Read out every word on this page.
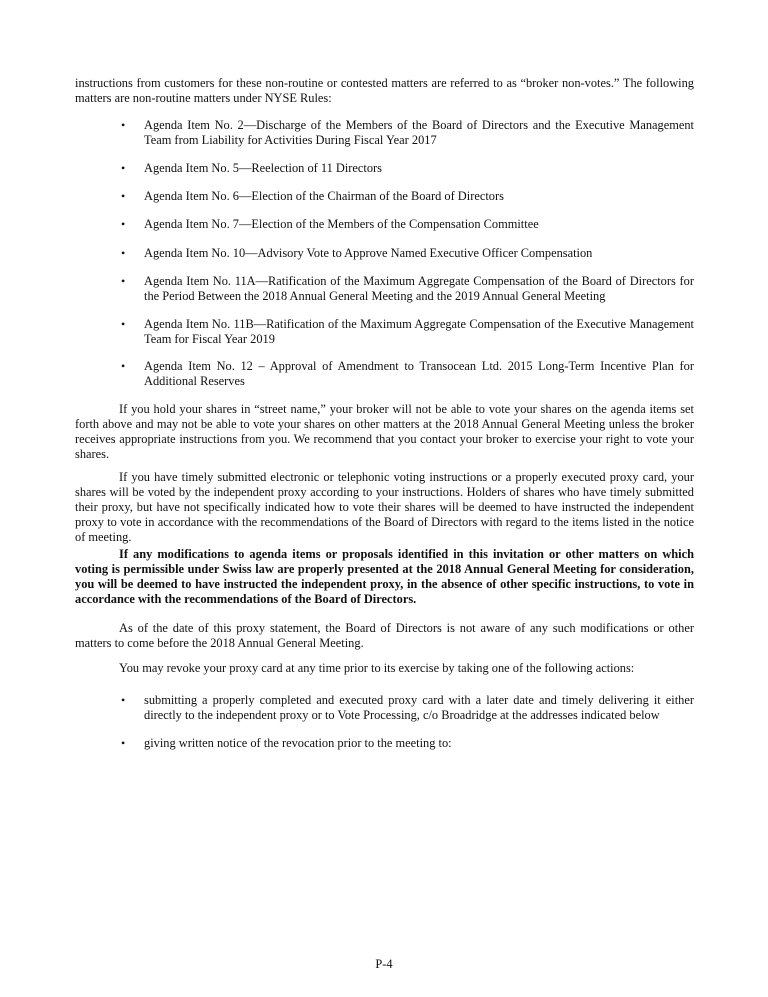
instructions from customers for these non-routine or contested matters are referred to as “broker non-votes.” The following matters are non-routine matters under NYSE Rules:
• Agenda Item No. 2—Discharge of the Members of the Board of Directors and the Executive Management Team from Liability for Activities During Fiscal Year 2017
• Agenda Item No. 5—Reelection of 11 Directors
• Agenda Item No. 6—Election of the Chairman of the Board of Directors
• Agenda Item No. 7—Election of the Members of the Compensation Committee
• Agenda Item No. 10—Advisory Vote to Approve Named Executive Officer Compensation
• Agenda Item No. 11A—Ratification of the Maximum Aggregate Compensation of the Board of Directors for the Period Between the 2018 Annual General Meeting and the 2019 Annual General Meeting
• Agenda Item No. 11B—Ratification of the Maximum Aggregate Compensation of the Executive Management Team for Fiscal Year 2019
• Agenda Item No. 12 – Approval of Amendment to Transocean Ltd. 2015 Long-Term Incentive Plan for Additional Reserves
If you hold your shares in “street name,” your broker will not be able to vote your shares on the agenda items set forth above and may not be able to vote your shares on other matters at the 2018 Annual General Meeting unless the broker receives appropriate instructions from you. We recommend that you contact your broker to exercise your right to vote your shares.
If you have timely submitted electronic or telephonic voting instructions or a properly executed proxy card, your shares will be voted by the independent proxy according to your instructions. Holders of shares who have timely submitted their proxy, but have not specifically indicated how to vote their shares will be deemed to have instructed the independent proxy to vote in accordance with the recommendations of the Board of Directors with regard to the items listed in the notice of meeting.
If any modifications to agenda items or proposals identified in this invitation or other matters on which voting is permissible under Swiss law are properly presented at the 2018 Annual General Meeting for consideration, you will be deemed to have instructed the independent proxy, in the absence of other specific instructions, to vote in accordance with the recommendations of the Board of Directors.
As of the date of this proxy statement, the Board of Directors is not aware of any such modifications or other matters to come before the 2018 Annual General Meeting.
You may revoke your proxy card at any time prior to its exercise by taking one of the following actions:
• submitting a properly completed and executed proxy card with a later date and timely delivering it either directly to the independent proxy or to Vote Processing, c/o Broadridge at the addresses indicated below
• giving written notice of the revocation prior to the meeting to:
P-4
